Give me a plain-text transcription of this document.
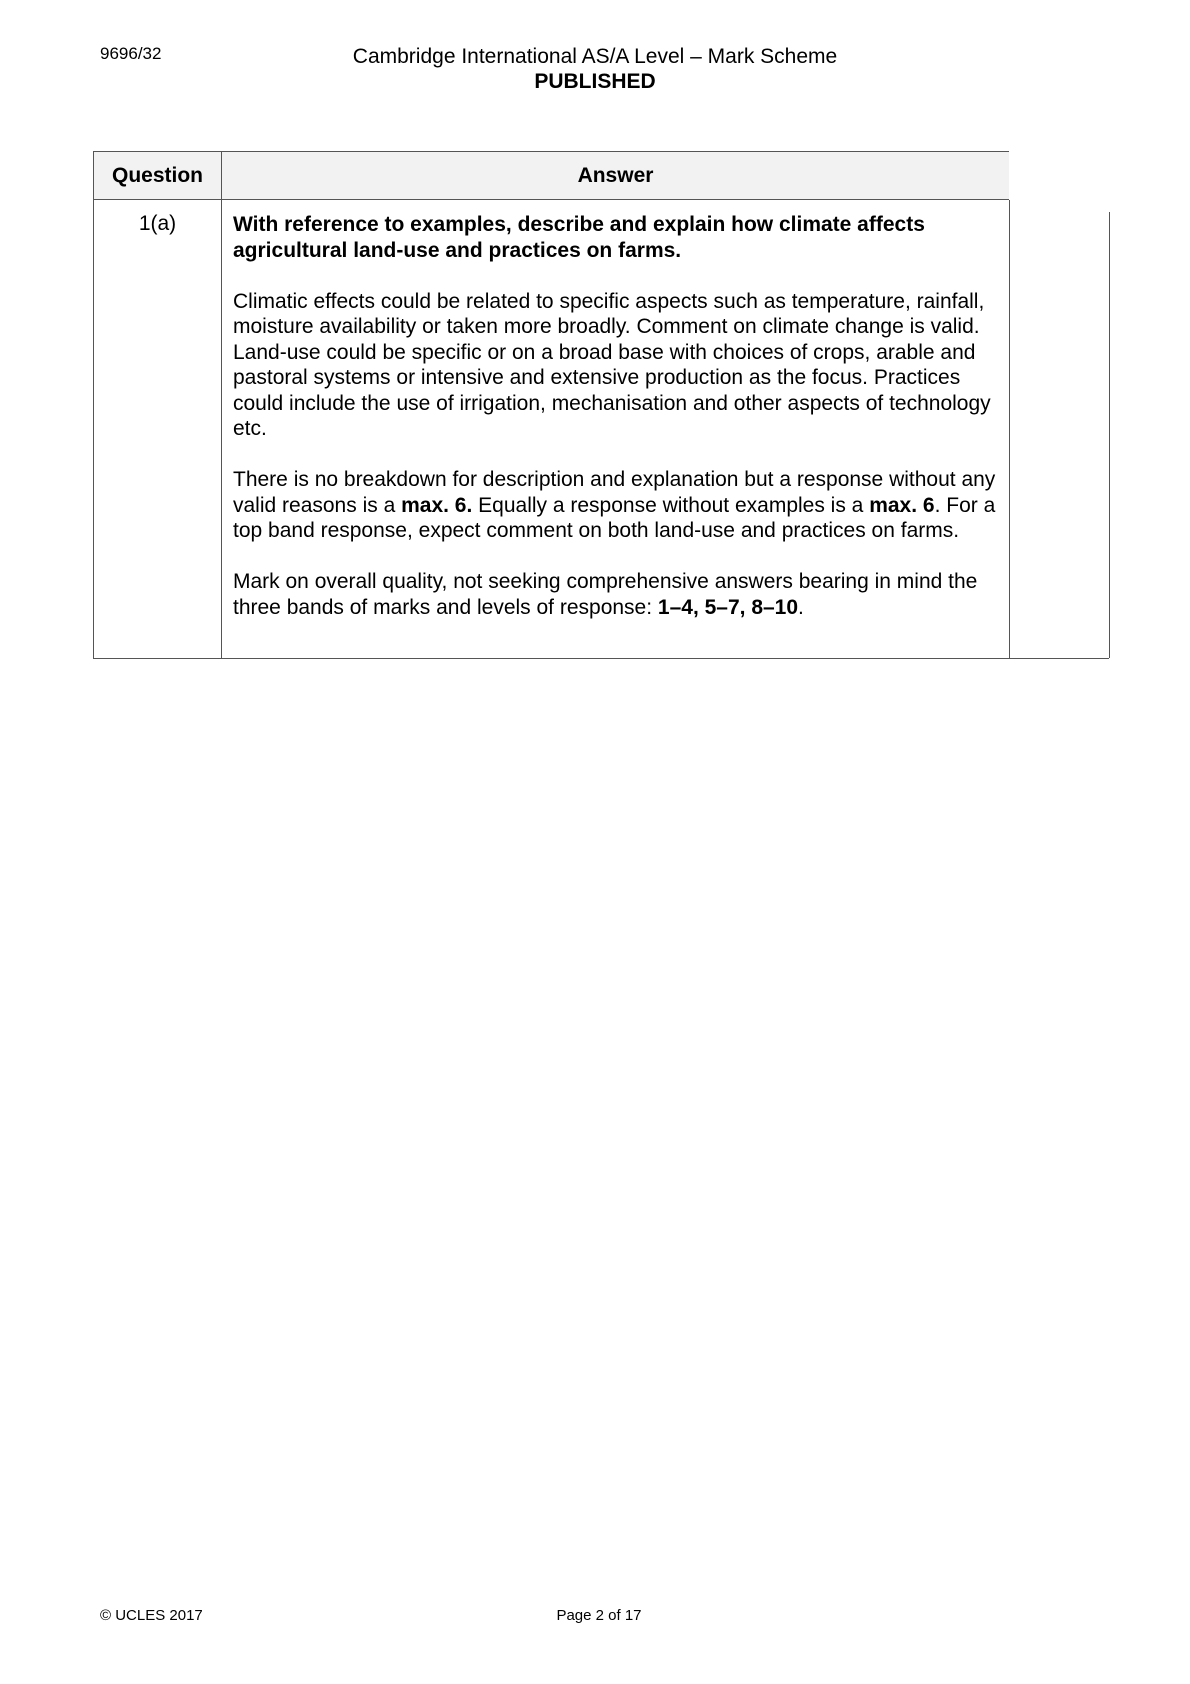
9696/32	Cambridge International AS/A Level – Mark Scheme
PUBLISHED
Question	Answer
1(a)	With reference to examples, describe and explain how climate affects agricultural land-use and practices on farms.

Climatic effects could be related to specific aspects such as temperature, rainfall, moisture availability or taken more broadly. Comment on climate change is valid. Land-use could be specific or on a broad base with choices of crops, arable and pastoral systems or intensive and extensive production as the focus. Practices could include the use of irrigation, mechanisation and other aspects of technology etc.

There is no breakdown for description and explanation but a response without any valid reasons is a max. 6. Equally a response without examples is a max. 6. For a top band response, expect comment on both land-use and practices on farms.

Mark on overall quality, not seeking comprehensive answers bearing in mind the three bands of marks and levels of response: 1–4, 5–7, 8–10.

© UCLES 2017	Page 2 of 17
